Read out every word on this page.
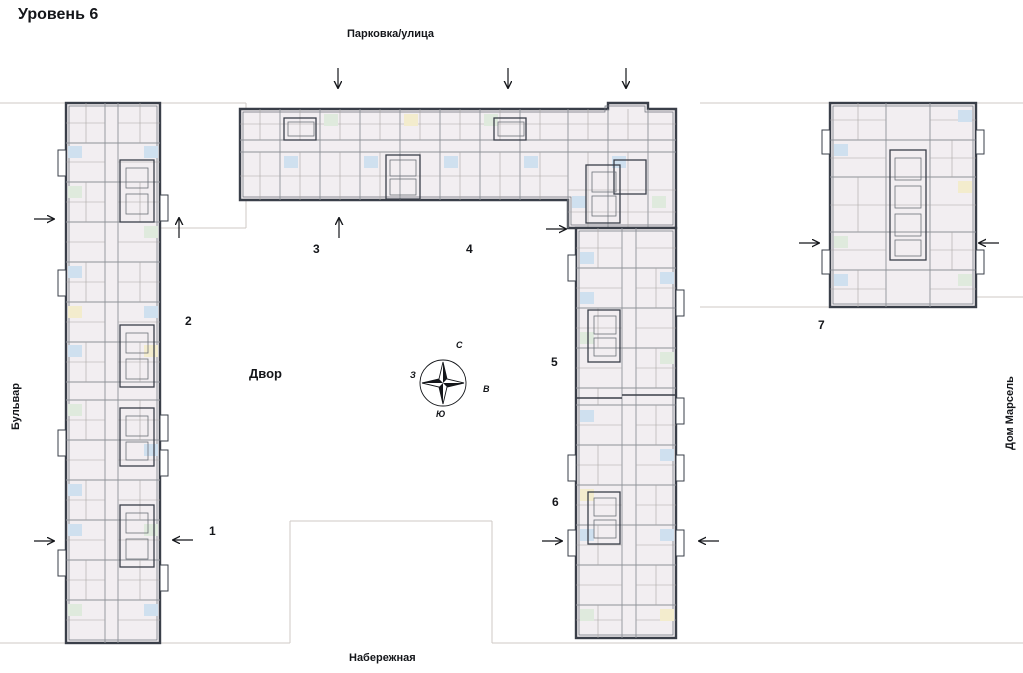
Уровень 6
Парковка/улица
Набережная
Бульвар	Дом Марсель
Двор
1
2
3	4
5
6
7
С
Ю
В
З
